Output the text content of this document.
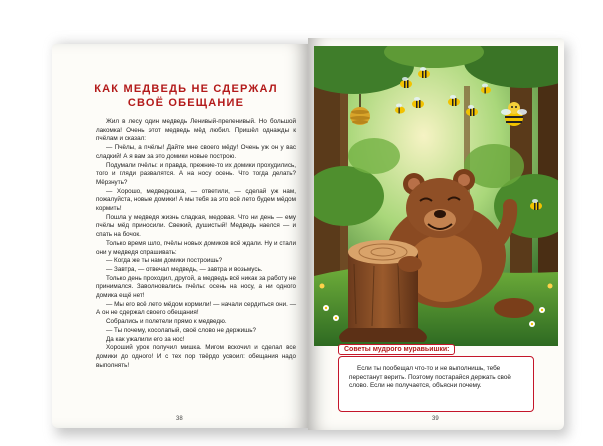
КАК МЕДВЕДЬ НЕ СДЕРЖАЛ
СВОЁ ОБЕЩАНИЕ

Жил в лесу один медведь Ленивый-преленивый. Но большой лакомка! Очень этот медведь мёд любил. Пришёл однажды к пчёлам и сказал:

— Пчёлы, а пчёлы! Дайте мне своего мёду! Очень уж он у вас сладкий! А я вам за это домики новые построю.

Подумали пчёлы: и правда, прежние-то их домики прохудились, того и гляди развалятся. А на носу осень. Что тогда делать? Мёрзнуть?

— Хорошо, медведюшка, — ответили, — сделай уж нам, пожалуйста, новые домики! А мы тебя за это всё лето будем мёдом кормить!

Пошла у медведя жизнь сладкая, медовая. Что ни день — ему пчёлы мёд приносили. Свежий, душистый! Медведь наелся — и спать на бочок.

Только время шло, пчёлы новых домиков всё ждали. Ну и стали они у медведя спрашивать:

— Когда же ты нам домики построишь?

— Завтра, — отвечал медведь, — завтра и возьмусь.

Только день проходил, другой, а медведь всё никак за работу не принимался. Заволновались пчёлы: осень на носу, а ни одного домика ещё нет!

— Мы его всё лето мёдом кормили! — начали сердиться они. — А он не сдержал своего обещания!

Собрались и полетели прямо к медведю.

— Ты почему, косолапый, своё слово не держишь?

Да как ужалили его за нос!

Хороший урок получил мишка. Мигом вскочил и сделал все домики до одного! И с тех пор твёрдо усвоил: обещания надо выполнять!

38
Советы мудрого муравьишки:
Если ты пообещал что-то и не выполнишь, тебе перестанут верить. Поэтому постарайся держать своё слово. Если не получается, объясни почему.
39
